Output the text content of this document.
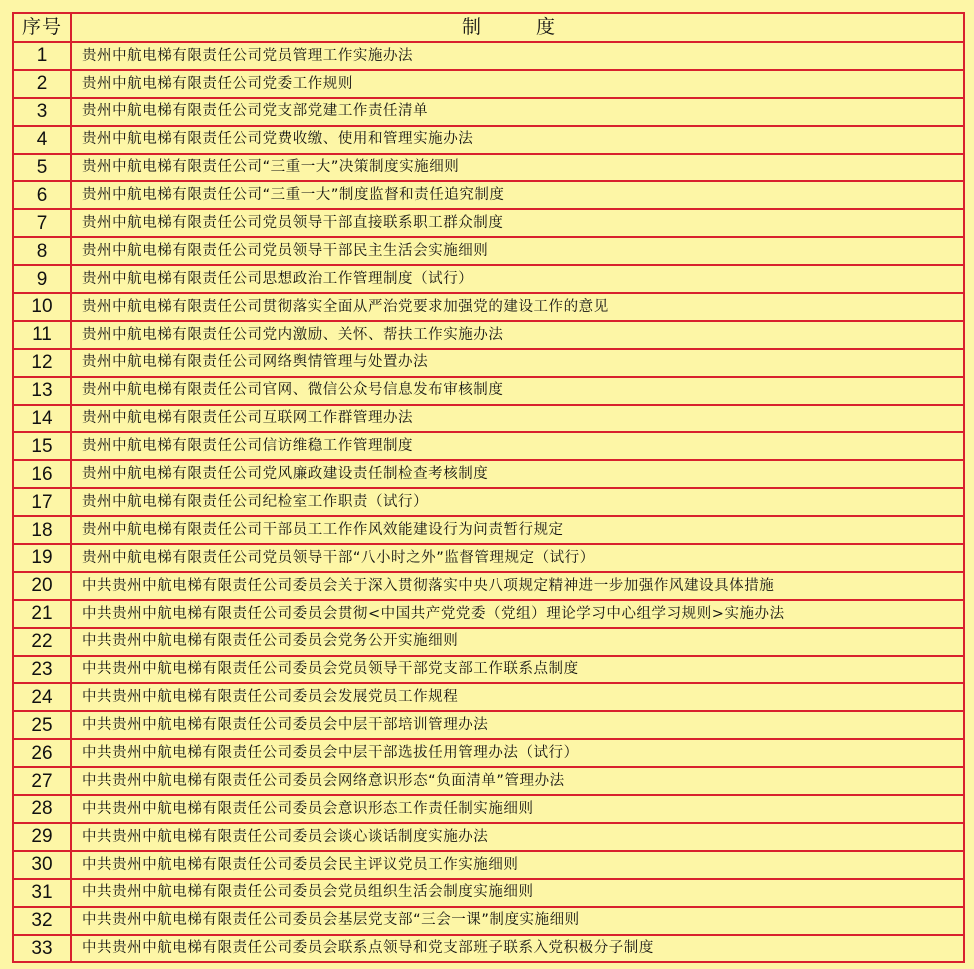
序号	制　度
1	贵州中航电梯有限责任公司党员管理工作实施办法
2	贵州中航电梯有限责任公司党委工作规则
3	贵州中航电梯有限责任公司党支部党建工作责任清单
4	贵州中航电梯有限责任公司党费收缴、使用和管理实施办法
5	贵州中航电梯有限责任公司“三重一大”决策制度实施细则
6	贵州中航电梯有限责任公司“三重一大”制度监督和责任追究制度
7	贵州中航电梯有限责任公司党员领导干部直接联系职工群众制度
8	贵州中航电梯有限责任公司党员领导干部民主生活会实施细则
9	贵州中航电梯有限责任公司思想政治工作管理制度（试行）
10	贵州中航电梯有限责任公司贯彻落实全面从严治党要求加强党的建设工作的意见
11	贵州中航电梯有限责任公司党内激励、关怀、帮扶工作实施办法
12	贵州中航电梯有限责任公司网络舆情管理与处置办法
13	贵州中航电梯有限责任公司官网、微信公众号信息发布审核制度
14	贵州中航电梯有限责任公司互联网工作群管理办法
15	贵州中航电梯有限责任公司信访维稳工作管理制度
16	贵州中航电梯有限责任公司党风廉政建设责任制检查考核制度
17	贵州中航电梯有限责任公司纪检室工作职责（试行）
18	贵州中航电梯有限责任公司干部员工工作作风效能建设行为问责暂行规定
19	贵州中航电梯有限责任公司党员领导干部“八小时之外”监督管理规定（试行）
20	中共贵州中航电梯有限责任公司委员会关于深入贯彻落实中央八项规定精神进一步加强作风建设具体措施
21	中共贵州中航电梯有限责任公司委员会贯彻<中国共产党党委（党组）理论学习中心组学习规则>实施办法
22	中共贵州中航电梯有限责任公司委员会党务公开实施细则
23	中共贵州中航电梯有限责任公司委员会党员领导干部党支部工作联系点制度
24	中共贵州中航电梯有限责任公司委员会发展党员工作规程
25	中共贵州中航电梯有限责任公司委员会中层干部培训管理办法
26	中共贵州中航电梯有限责任公司委员会中层干部选拔任用管理办法（试行）
27	中共贵州中航电梯有限责任公司委员会网络意识形态“负面清单”管理办法
28	中共贵州中航电梯有限责任公司委员会意识形态工作责任制实施细则
29	中共贵州中航电梯有限责任公司委员会谈心谈话制度实施办法
30	中共贵州中航电梯有限责任公司委员会民主评议党员工作实施细则
31	中共贵州中航电梯有限责任公司委员会党员组织生活会制度实施细则
32	中共贵州中航电梯有限责任公司委员会基层党支部“三会一课”制度实施细则
33	中共贵州中航电梯有限责任公司委员会联系点领导和党支部班子联系入党积极分子制度
